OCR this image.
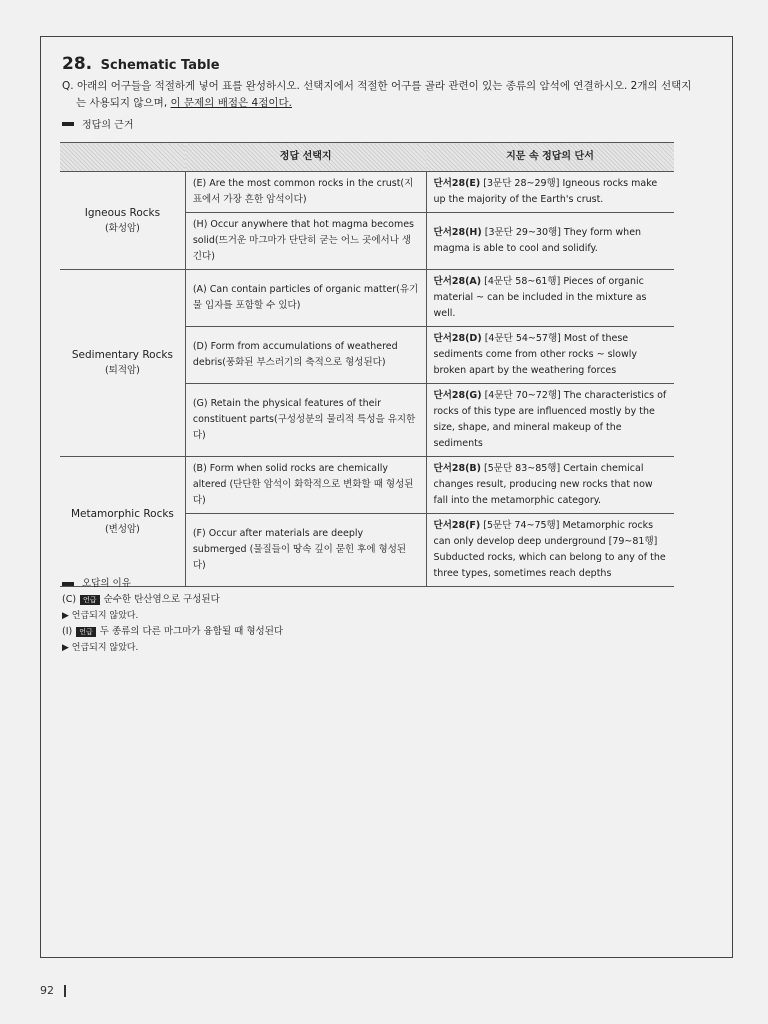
28. Schematic Table

Q. 아래의 어구들을 적절하게 넣어 표를 완성하시오. 선택지에서 적절한 어구를 골라 관련이 있는 종류의 암석에 연결하시오. 2개의 선택지
는 사용되지 않으며, 이 문제의 배점은 4점이다.

정답의 근거
	정답 선택지	지문 속 정답의 단서

Igneous Rocks
(화성암)	(E) Are the most common rocks in the crust(지표에서 가장 흔한 암석이다)	단서28(E) [3문단 28~29행] Igneous rocks make up the majority of the Earth's crust.
	(H) Occur anywhere that hot magma becomes solid(뜨거운 마그마가 단단히 굳는 어느 곳에서나 생긴다)	단서28(H) [3문단 29~30행] They form when magma is able to cool and solidify.

Sedimentary Rocks
(퇴적암)	(A) Can contain particles of organic matter(유기물 입자를 포함할 수 있다)	단서28(A) [4문단 58~61행] Pieces of organic material ~ can be included in the mixture as well.
	(D) Form from accumulations of weathered debris(풍화된 부스러기의 축적으로 형성된다)	단서28(D) [4문단 54~57행] Most of these sediments come from other rocks ~ slowly broken apart by the weathering forces
	(G) Retain the physical features of their constituent parts(구성성분의 물리적 특성을 유지한다)	단서28(G) [4문단 70~72행] The characteristics of rocks of this type are influenced mostly by the size, shape, and mineral makeup of the sediments

Metamorphic Rocks
(변성암)	(B) Form when solid rocks are chemically altered (단단한 암석이 화학적으로 변화할 때 형성된다)	단서28(B) [5문단 83~85행] Certain chemical changes result, producing new rocks that now fall into the metamorphic category.
	(F) Occur after materials are deeply submerged (물질들이 땅속 깊이 묻힌 후에 형성된다)	단서28(F) [5문단 74~75행] Metamorphic rocks can only develop deep underground [79~81행] Subducted rocks, which can belong to any of the three types, sometimes reach depths
오답의 이유
(C)	언급 순수한 탄산염으로 구성된다
▶ 언급되지 않았다.
(I)	언급 두 종류의 다른 마그마가 융합될 때 형성된다
▶ 언급되지 않았다.
92
